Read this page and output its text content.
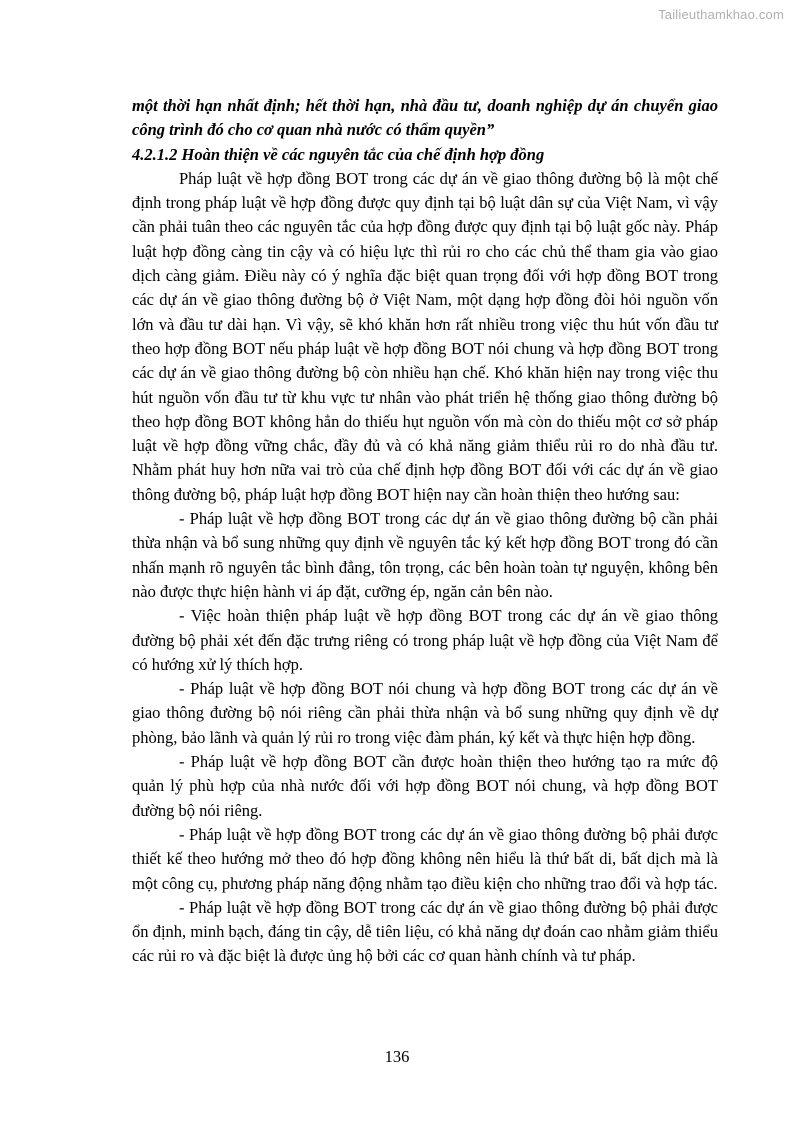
Tailieuthamkhao.com

một thời hạn nhất định; hết thời hạn, nhà đầu tư, doanh nghiệp dự án chuyển giao công trình đó cho cơ quan nhà nước có thẩm quyền”

4.2.1.2 Hoàn thiện về các nguyên tắc của chế định hợp đồng

Pháp luật về hợp đồng BOT trong các dự án về giao thông đường bộ là một chế định trong pháp luật về hợp đồng được quy định tại bộ luật dân sự của Việt Nam, vì vậy cần phải tuân theo các nguyên tắc của hợp đồng được quy định tại bộ luật gốc này. Pháp luật hợp đồng càng tin cậy và có hiệu lực thì rủi ro cho các chủ thể tham gia vào giao dịch càng giảm. Điều này có ý nghĩa đặc biệt quan trọng đối với hợp đồng BOT trong các dự án về giao thông đường bộ ở Việt Nam, một dạng hợp đồng đòi hỏi nguồn vốn lớn và đầu tư dài hạn. Vì vậy, sẽ khó khăn hơn rất nhiều trong việc thu hút vốn đầu tư theo hợp đồng BOT nếu pháp luật về hợp đồng BOT nói chung và hợp đồng BOT trong các dự án về giao thông đường bộ còn nhiều hạn chế. Khó khăn hiện nay trong việc thu hút nguồn vốn đầu tư từ khu vực tư nhân vào phát triển hệ thống giao thông đường bộ theo hợp đồng BOT không hẳn do thiếu hụt nguồn vốn mà còn do thiếu một cơ sở pháp luật về hợp đồng vững chắc, đầy đủ và có khả năng giảm thiểu rủi ro do nhà đầu tư. Nhằm phát huy hơn nữa vai trò của chế định hợp đồng BOT đối với các dự án về giao thông đường bộ, pháp luật hợp đồng BOT hiện nay cần hoàn thiện theo hướng sau:

- Pháp luật về hợp đồng BOT trong các dự án về giao thông đường bộ cần phải thừa nhận và bổ sung những quy định về nguyên tắc ký kết hợp đồng BOT trong đó cần nhấn mạnh rõ nguyên tắc bình đẳng, tôn trọng, các bên hoàn toàn tự nguyện, không bên nào được thực hiện hành vi áp đặt, cưỡng ép, ngăn cản bên nào.

- Việc hoàn thiện pháp luật về hợp đồng BOT trong các dự án về giao thông đường bộ phải xét đến đặc trưng riêng có trong pháp luật về hợp đồng của Việt Nam để có hướng xử lý thích hợp.

- Pháp luật về hợp đồng BOT nói chung và hợp đồng BOT trong các dự án về giao thông đường bộ nói riêng cần phải thừa nhận và bổ sung những quy định về dự phòng, bảo lãnh và quản lý rủi ro trong việc đàm phán, ký kết và thực hiện hợp đồng.

- Pháp luật về hợp đồng BOT cần được hoàn thiện theo hướng tạo ra mức độ quản lý phù hợp của nhà nước đối với hợp đồng BOT nói chung, và hợp đồng BOT đường bộ nói riêng.

- Pháp luật về hợp đồng BOT trong các dự án về giao thông đường bộ phải được thiết kế theo hướng mở theo đó hợp đồng không nên hiểu là thứ bất di, bất dịch mà là một công cụ, phương pháp năng động nhằm tạo điều kiện cho những trao đổi và hợp tác.

- Pháp luật về hợp đồng BOT trong các dự án về giao thông đường bộ phải được ổn định, minh bạch, đáng tin cậy, dễ tiên liệu, có khả năng dự đoán cao nhằm giảm thiểu các rủi ro và đặc biệt là được ủng hộ bởi các cơ quan hành chính và tư pháp.

136
